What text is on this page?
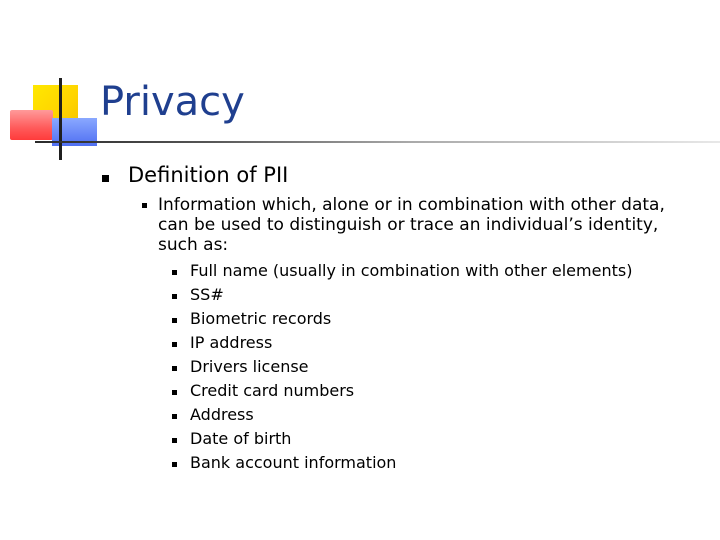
Privacy
Definition of PII
Information which, alone or in combination with other data,
can be used to distinguish or trace an individual’s identity,
such as:
Full name (usually in combination with other elements)
SS#
Biometric records
IP address
Drivers license
Credit card numbers
Address
Date of birth
Bank account information
